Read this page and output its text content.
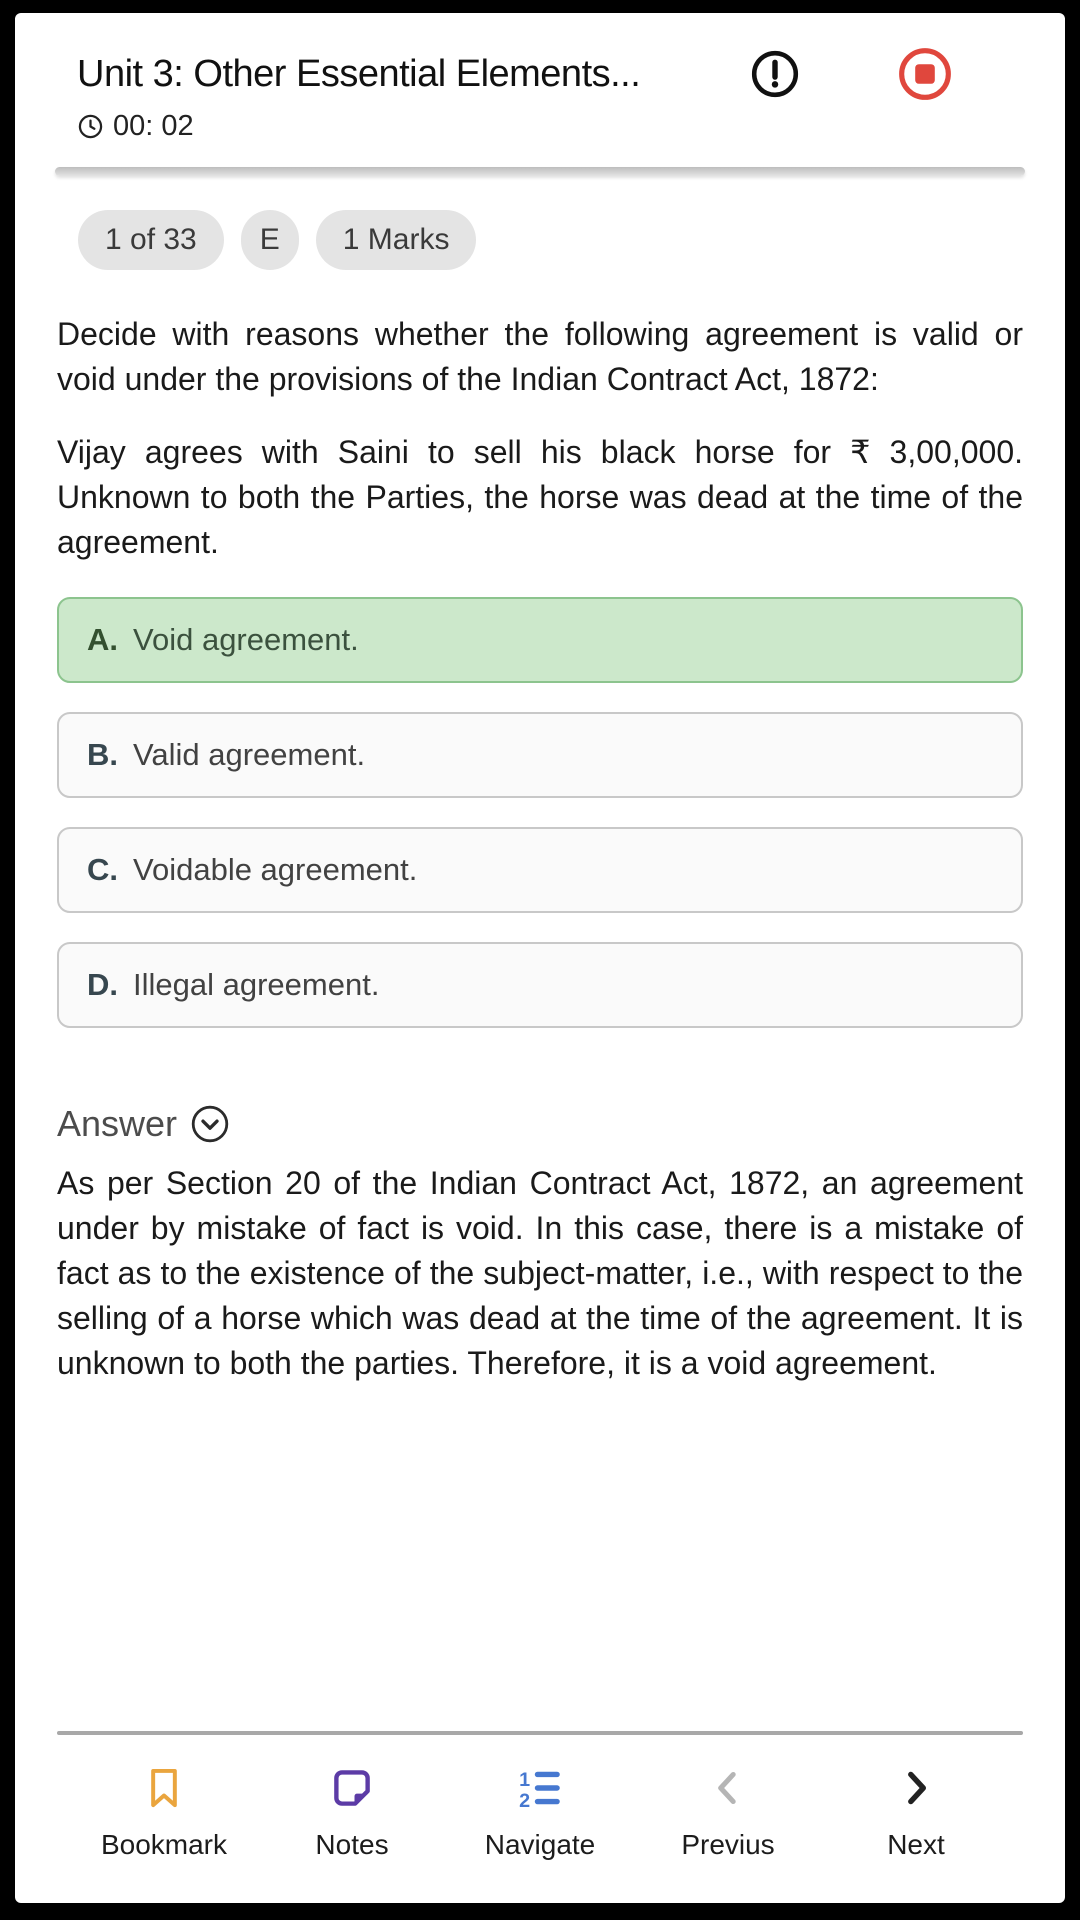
Unit 3: Other Essential Elements...
00: 02
1 of 33	E	1 Marks

Decide with reasons whether the following agreement is valid or void under the provisions of the Indian Contract Act, 1872:

Vijay agrees with Saini to sell his black horse for ₹ 3,00,000. Unknown to both the Parties, the horse was dead at the time of the agreement.

A. Void agreement.
B. Valid agreement.
C. Voidable agreement.
D. Illegal agreement.
Answer

As per Section 20 of the Indian Contract Act, 1872, an agreement under by mistake of fact is void. In this case, there is a mistake of fact as to the existence of the subject-matter, i.e., with respect to the selling of a horse which was dead at the time of the agreement. It is unknown to both the parties. Therefore, it is a void agreement.

Bookmark	Notes
1
2
Navigate	Previus	Next
